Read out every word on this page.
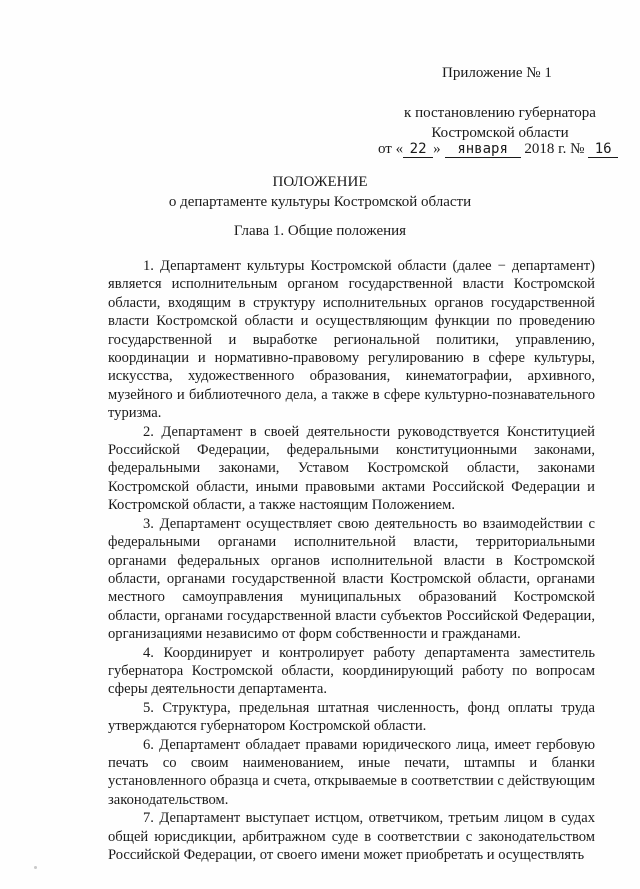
Приложение № 1
к постановлению губернатора
Костромской области
от « 22 » января 2018 г. № 16
ПОЛОЖЕНИЕ
о департаменте культуры Костромской области
Глава 1. Общие положения

1. Департамент культуры Костромской области (далее − департамент) является исполнительным органом государственной власти Костромской области, входящим в структуру исполнительных органов государственной власти Костромской области и осуществляющим функции по проведению государственной и выработке региональной политики, управлению, координации и нормативно-правовому регулированию в сфере культуры, искусства, художественного образования, кинематографии, архивного, музейного и библиотечного дела, а также в сфере культурно-познавательного туризма.

2. Департамент в своей деятельности руководствуется Конституцией Российской Федерации, федеральными конституционными законами, федеральными законами, Уставом Костромской области, законами Костромской области, иными правовыми актами Российской Федерации и Костромской области, а также настоящим Положением.

3. Департамент осуществляет свою деятельность во взаимодействии с федеральными органами исполнительной власти, территориальными органами федеральных органов исполнительной власти в Костромской области, органами государственной власти Костромской области, органами местного самоуправления муниципальных образований Костромской области, органами государственной власти субъектов Российской Федерации, организациями независимо от форм собственности и гражданами.

4. Координирует и контролирует работу департамента заместитель губернатора Костромской области, координирующий работу по вопросам сферы деятельности департамента.

5. Структура, предельная штатная численность, фонд оплаты труда утверждаются губернатором Костромской области.

6. Департамент обладает правами юридического лица, имеет гербовую печать со своим наименованием, иные печати, штампы и бланки установленного образца и счета, открываемые в соответствии с действующим законодательством.

7. Департамент выступает истцом, ответчиком, третьим лицом в судах общей юрисдикции, арбитражном суде в соответствии с законодательством Российской Федерации, от своего имени может приобретать и осуществлять
